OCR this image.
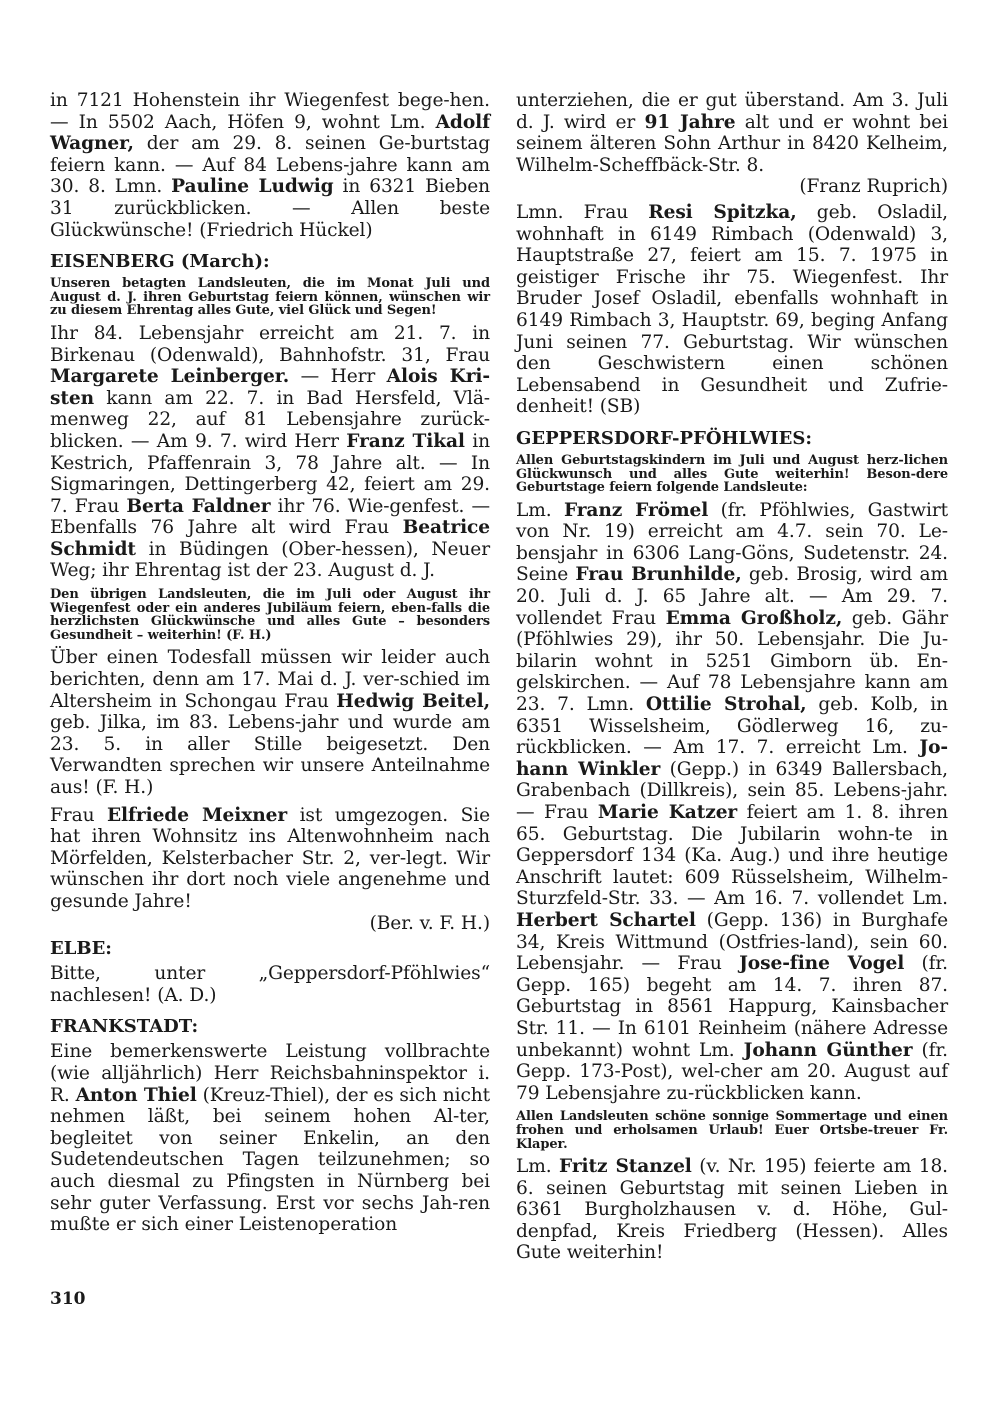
in 7121 Hohenstein ihr Wiegenfest bege-hen. — In 5502 Aach, Höfen 9, wohnt Lm. Adolf Wagner, der am 29. 8. seinen Ge-burtstag feiern kann. — Auf 84 Lebens-jahre kann am 30. 8. Lmn. Pauline Ludwig in 6321 Bieben 31 zurückblicken. — Allen beste Glückwünsche! (Friedrich Hückel)

EISENBERG (March):

Unseren betagten Landsleuten, die im Monat Juli und August d. J. ihren Geburtstag feiern können, wünschen wir zu diesem Ehrentag alles Gute, viel Glück und Segen!

Ihr 84. Lebensjahr erreicht am 21. 7. in Birkenau (Odenwald), Bahnhofstr. 31, Frau Margarete Leinberger. — Herr Alois Kri-sten kann am 22. 7. in Bad Hersfeld, Vlä-menweg 22, auf 81 Lebensjahre zurück-blicken. — Am 9. 7. wird Herr Franz Tikal in Kestrich, Pfaffenrain 3, 78 Jahre alt. — In Sigmaringen, Dettingerberg 42, feiert am 29. 7. Frau Berta Faldner ihr 76. Wie-genfest. — Ebenfalls 76 Jahre alt wird Frau Beatrice Schmidt in Büdingen (Ober-hessen), Neuer Weg; ihr Ehrentag ist der 23. August d. J.

Den übrigen Landsleuten, die im Juli oder August ihr Wiegenfest oder ein anderes Jubiläum feiern, eben-falls die herzlichsten Glückwünsche und alles Gute – besonders Gesundheit – weiterhin! (F. H.)

Über einen Todesfall müssen wir leider auch berichten, denn am 17. Mai d. J. ver-schied im Altersheim in Schongau Frau Hedwig Beitel, geb. Jilka, im 83. Lebens-jahr und wurde am 23. 5. in aller Stille beigesetzt. Den Verwandten sprechen wir unsere Anteilnahme aus! (F. H.)

Frau Elfriede Meixner ist umgezogen. Sie hat ihren Wohnsitz ins Altenwohnheim nach Mörfelden, Kelsterbacher Str. 2, ver-legt. Wir wünschen ihr dort noch viele angenehme und gesunde Jahre!

(Ber. v. F. H.)

ELBE:

Bitte, unter „Geppersdorf-Pföhlwies“ nachlesen! (A. D.)

FRANKSTADT:

Eine bemerkenswerte Leistung vollbrachte (wie alljährlich) Herr Reichsbahninspektor i. R. Anton Thiel (Kreuz-Thiel), der es sich nicht nehmen läßt, bei seinem hohen Al-ter, begleitet von seiner Enkelin, an den Sudetendeutschen Tagen teilzunehmen; so auch diesmal zu Pfingsten in Nürnberg bei sehr guter Verfassung. Erst vor sechs Jah-ren mußte er sich einer Leistenoperation

unterziehen, die er gut überstand. Am 3. Juli d. J. wird er 91 Jahre alt und er wohnt bei seinem älteren Sohn Arthur in 8420 Kelheim, Wilhelm-Scheffbäck-Str. 8.

(Franz Ruprich)

Lmn. Frau Resi Spitzka, geb. Osladil, wohnhaft in 6149 Rimbach (Odenwald) 3, Hauptstraße 27, feiert am 15. 7. 1975 in geistiger Frische ihr 75. Wiegenfest. Ihr Bruder Josef Osladil, ebenfalls wohnhaft in 6149 Rimbach 3, Hauptstr. 69, beging Anfang Juni seinen 77. Geburtstag. Wir wünschen den Geschwistern einen schönen Lebensabend in Gesundheit und Zufrie-denheit! (SB)

GEPPERSDORF-PFÖHLWIES:

Allen Geburtstagskindern im Juli und August herz-lichen Glückwunsch und alles Gute weiterhin! Beson-dere Geburtstage feiern folgende Landsleute:

Lm. Franz Frömel (fr. Pföhlwies, Gastwirt von Nr. 19) erreicht am 4.7. sein 70. Le-bensjahr in 6306 Lang-Göns, Sudetenstr. 24. Seine Frau Brunhilde, geb. Brosig, wird am 20. Juli d. J. 65 Jahre alt. — Am 29. 7. vollendet Frau Emma Großholz, geb. Gähr (Pföhlwies 29), ihr 50. Lebensjahr. Die Ju-bilarin wohnt in 5251 Gimborn üb. En-gelskirchen. — Auf 78 Lebensjahre kann am 23. 7. Lmn. Ottilie Strohal, geb. Kolb, in 6351 Wisselsheim, Gödlerweg 16, zu-rückblicken. — Am 17. 7. erreicht Lm. Jo-hann Winkler (Gepp.) in 6349 Ballersbach, Grabenbach (Dillkreis), sein 85. Lebens-jahr. — Frau Marie Katzer feiert am 1. 8. ihren 65. Geburtstag. Die Jubilarin wohn-te in Geppersdorf 134 (Ka. Aug.) und ihre heutige Anschrift lautet: 609 Rüsselsheim, Wilhelm-Sturzfeld-Str. 33. — Am 16. 7. vollendet Lm. Herbert Schartel (Gepp. 136) in Burghafe 34, Kreis Wittmund (Ostfries-land), sein 60. Lebensjahr. — Frau Jose-fine Vogel (fr. Gepp. 165) begeht am 14. 7. ihren 87. Geburtstag in 8561 Happurg, Kainsbacher Str. 11. — In 6101 Reinheim (nähere Adresse unbekannt) wohnt Lm. Johann Günther (fr. Gepp. 173-Post), wel-cher am 20. August auf 79 Lebensjahre zu-rückblicken kann.

Allen Landsleuten schöne sonnige Sommertage und einen frohen und erholsamen Urlaub! Euer Ortsbe-treuer Fr. Klaper.

Lm. Fritz Stanzel (v. Nr. 195) feierte am 18. 6. seinen Geburtstag mit seinen Lieben in 6361 Burgholzhausen v. d. Höhe, Gul-denpfad, Kreis Friedberg (Hessen). Alles Gute weiterhin!

310
